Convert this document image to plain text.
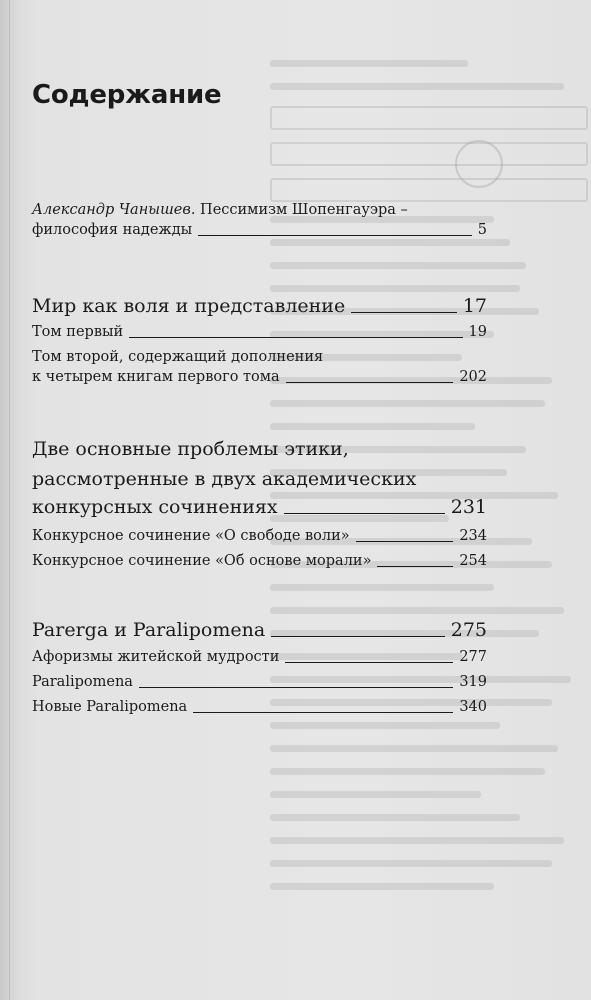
Содержание
Александр Чанышев. Пессимизм Шопенгауэра –
философия надежды	5
Мир как воля и представление	17
Том первый	19
Том второй, содержащий дополнения
к четырем книгам первого тома	202
Две основные проблемы этики,
рассмотренные в двух академических
конкурсных сочинениях	231
Конкурсное сочинение «О свободе воли»	234
Конкурсное сочинение «Об основе морали»	254
Parerga и Paralipomena	275
Афоризмы житейской мудрости	277
Paralipomena	319
Новые Paralipomena	340
